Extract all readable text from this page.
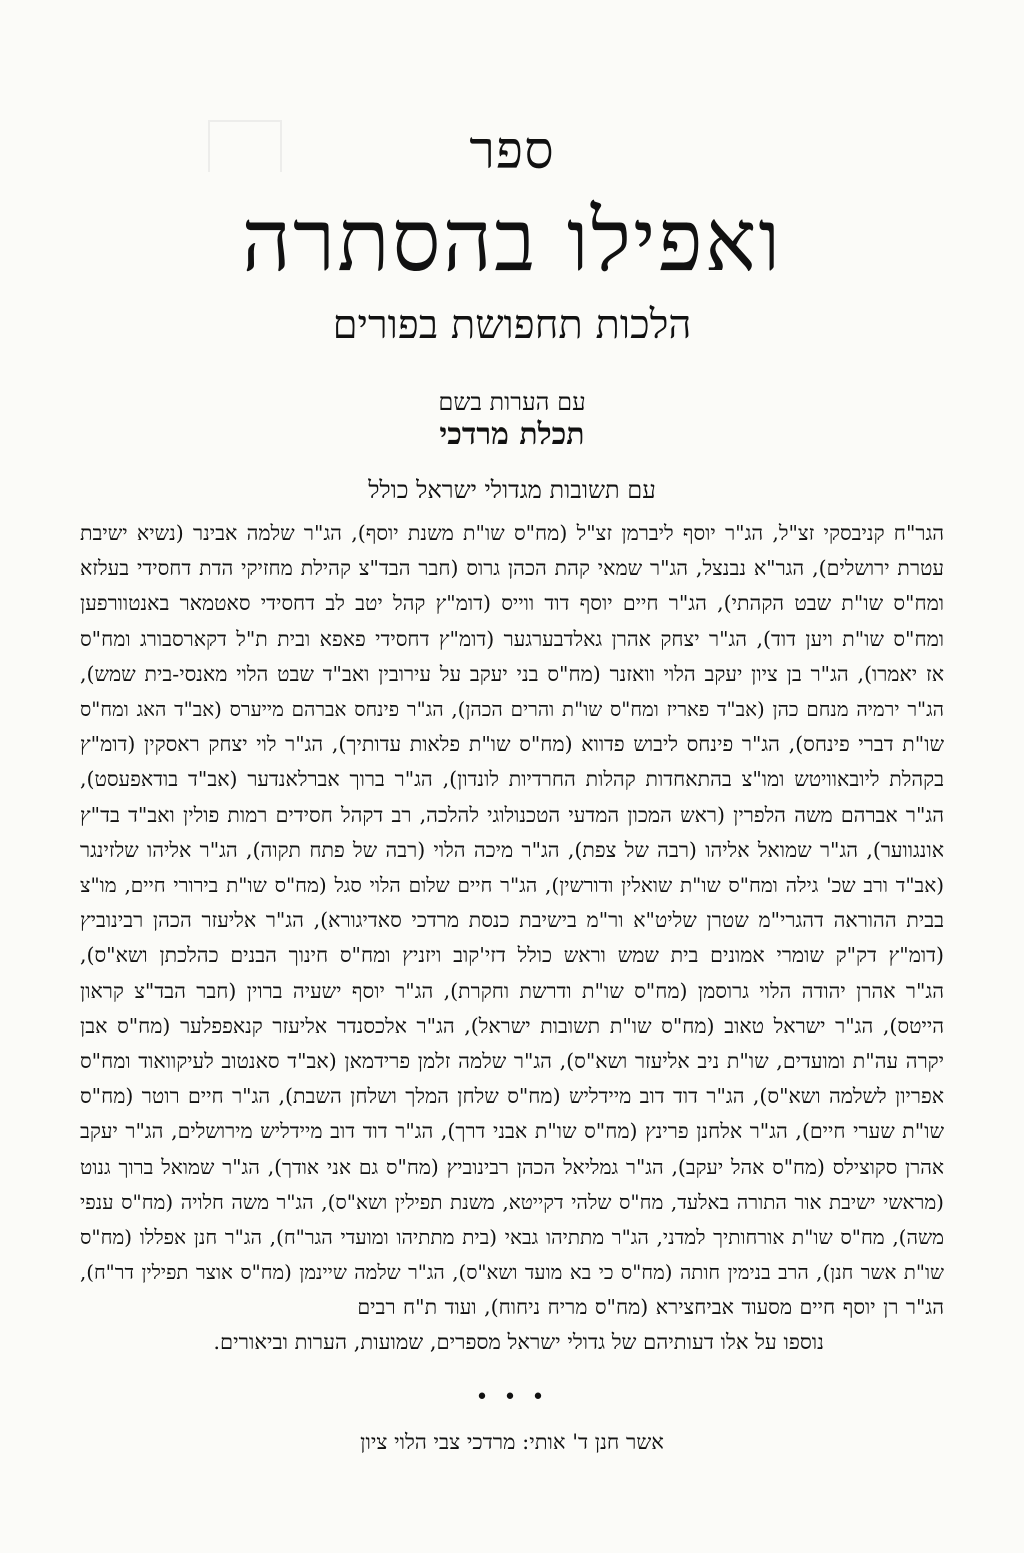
ספר
ואפילו בהסתרה
הלכות תחפושת בפורים
עם הערות בשם
תכלת מרדכי
עם תשובות מגדולי ישראל כולל
הגר"ח קניבסקי זצ"ל, הג"ר יוסף ליברמן זצ"ל (מח"ס שו"ת משנת יוסף), הג"ר שלמה אבינר (נשיא ישיבת
עטרת ירושלים), הגר"א נבנצל, הג"ר שמאי קהת הכהן גרוס (חבר הבד"צ קהילת מחזיקי הדת דחסידי בעלזא
ומח"ס שו"ת שבט הקהתי), הג"ר חיים יוסף דוד ווייס (דומ"ץ קהל יטב לב דחסידי סאטמאר באנטוורפען
ומח"ס שו"ת ויען דוד), הג"ר יצחק אהרן גאלדבערגער (דומ"ץ דחסידי פאפא ובית ת"ל דקארסבורג ומח"ס
אז יאמרו), הג"ר בן ציון יעקב הלוי וואזנר (מח"ס בני יעקב על עירובין ואב"ד שבט הלוי מאנסי-בית שמש),
הג"ר ירמיה מנחם כהן (אב"ד פאריז ומח"ס שו"ת והרים הכהן), הג"ר פינחס אברהם מייערס (אב"ד האג ומח"ס
שו"ת דברי פינחס), הג"ר פינחס ליבוש פדווא (מח"ס שו"ת פלאות עדותיך), הג"ר לוי יצחק ראסקין (דומ"ץ
בקהלת ליובאוויטש ומו"צ בהתאחדות קהלות החרדיות לונדון), הג"ר ברוך אברלאנדער (אב"ד בודאפעסט),
הג"ר אברהם משה הלפרין (ראש המכון המדעי הטכנולוגי להלכה, רב דקהל חסידים רמות פולין ואב"ד בד"ץ
אונגווער), הג"ר שמואל אליהו (רבה של צפת), הג"ר מיכה הלוי (רבה של פתח תקוה), הג"ר אליהו שלזינגר
(אב"ד ורב שכ' גילה ומח"ס שו"ת שואלין ודורשין), הג"ר חיים שלום הלוי סגל (מח"ס שו"ת בירורי חיים, מו"צ
בבית ההוראה דהגרי"מ שטרן שליט"א ור"מ בישיבת כנסת מרדכי סאדיגורא), הג"ר אליעזר הכהן רבינוביץ
(דומ"ץ דק"ק שומרי אמונים בית שמש וראש כולל דזי'קוב ויזניץ ומח"ס חינוך הבנים כהלכתן ושא"ס),
הג"ר אהרן יהודה הלוי גרוסמן (מח"ס שו"ת ודרשת וחקרת), הג"ר יוסף ישעיה ברוין (חבר הבד"צ קראון
הייטס), הג"ר ישראל טאוב (מח"ס שו"ת תשובות ישראל), הג"ר אלכסנדר אליעזר קנאפפלער (מח"ס אבן
יקרה עה"ת ומועדים, שו"ת ניב אליעזר ושא"ס), הג"ר שלמה זלמן פרידמאן (אב"ד סאנטוב לעיקוואוד ומח"ס
אפריון לשלמה ושא"ס), הג"ר דוד דוב מיידליש (מח"ס שלחן המלך ושלחן השבת), הג"ר חיים רוטר (מח"ס
שו"ת שערי חיים), הג"ר אלחנן פרינץ (מח"ס שו"ת אבני דרך), הג"ר דוד דוב מיידליש מירושלים, הג"ר יעקב
אהרן סקוצילס (מח"ס אהל יעקב), הג"ר גמליאל הכהן רבינוביץ (מח"ס גם אני אודך), הג"ר שמואל ברוך גנוט
(מראשי ישיבת אור התורה באלעד, מח"ס שלהי דקייטא, משנת תפילין ושא"ס), הג"ר משה חלויה (מח"ס ענפי
משה), מח"ס שו"ת אורחותיך למדני, הג"ר מתתיהו גבאי (בית מתתיהו ומועדי הגר"ח), הג"ר חנן אפללו (מח"ס
שו"ת אשר חנן), הרב בנימין חותה (מח"ס כי בא מועד ושא"ס), הג"ר שלמה שיינמן (מח"ס אוצר תפילין דר"ח),
הג"ר רן יוסף חיים מסעוד אביחצירא (מח"ס מריח ניחוח), ועוד ת"ח רבים
נוספו על אלו דעותיהם של גדולי ישראל מספרים, שמועות, הערות וביאורים.
• • •
אשר חנן ד' אותי: מרדכי צבי הלוי ציון
